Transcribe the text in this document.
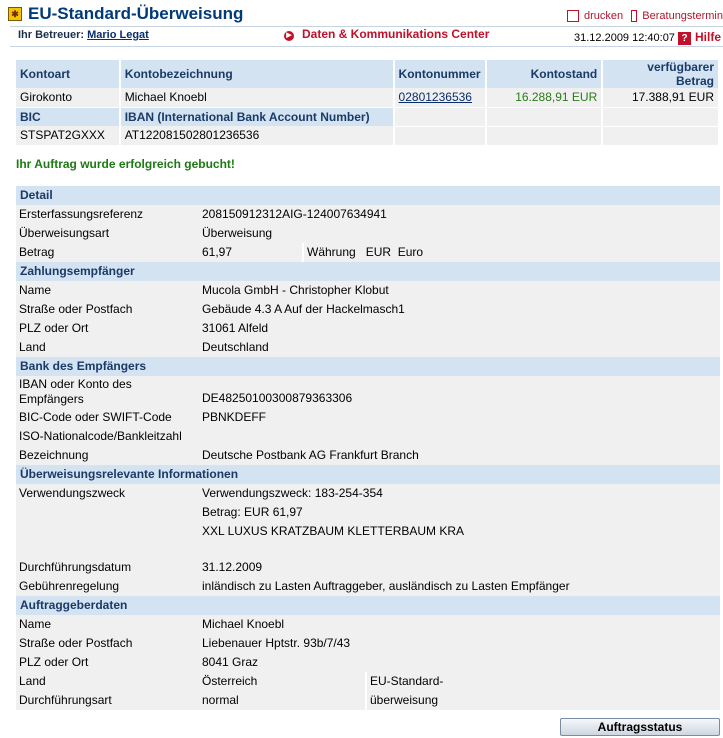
✱ EU-Standard-Überweisung	drucken Beratungstermin
Ihr Betreuer: Mario Legat	▶ Daten & Kommunikations Center	31.12.2009 12:40:07 ? Hilfe
Kontoart	Kontobezeichnung	Kontonummer	Kontostand	verfügbarer Betrag
Girokonto	Michael Knoebl	02801236536	16.288,91 EUR	17.388,91 EUR
BIC	IBAN (International Bank Account Number)			
STSPAT2GXXX	AT122081502801236536			
Ihr Auftrag wurde erfolgreich gebucht!
Detail			
Ersterfassungsreferenz	208150912312AIG-124007634941		
Überweisungsart	Überweisung		
Betrag	61,97	Währung EUR Euro	
Zahlungsempfänger			
Name	Mucola GmbH - Christopher Klobut		
Straße oder Postfach	Gebäude 4.3 A Auf der Hackelmasch1		
PLZ oder Ort	31061 Alfeld		
Land	Deutschland		
Bank des Empfängers			

IBAN oder Konto des
Empfängers	DE48250100300879363306		
BIC-Code oder SWIFT-Code	PBNKDEFF		
ISO-Nationalcode/Bankleitzahl			
Bezeichnung	Deutsche Postbank AG Frankfurt Branch		
Überweisungsrelevante Informationen			
Verwendungszweck	Verwendungszweck: 183-254-354
Betrag: EUR 61,97
XXL LUXUS KRATZBAUM KLETTERBAUM KRA		

Durchführungsdatum	31.12.2009		
Gebührenregelung	inländisch zu Lasten Auftraggeber, ausländisch zu Lasten Empfänger		
Auftraggeberdaten			
Name	Michael Knoebl		
Straße oder Postfach	Liebenauer Hptstr. 93b/7/43		
PLZ oder Ort	8041 Graz		
Land	Österreich		EU-Standard-
Durchführungsart	normal		überweisung
Auftragsstatus
